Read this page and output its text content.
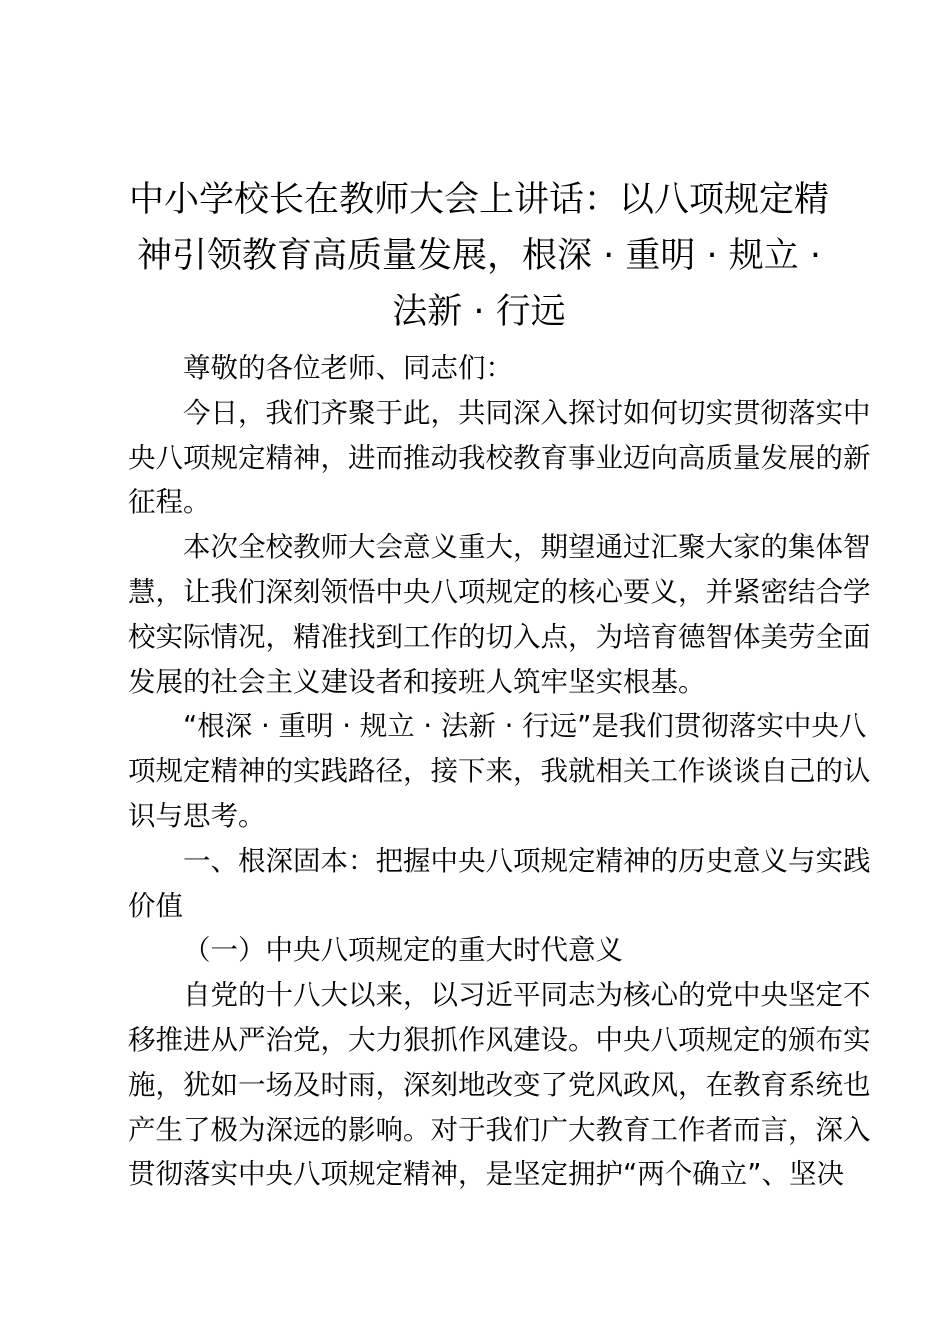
中小学校长在教师大会上讲话：以八项规定精
神引领教育高质量发展，根深 · 重明 · 规立 ·
法新 · 行远
尊敬的各位老师、同志们：
今日，我们齐聚于此，共同深入探讨如何切实贯彻落实中
央八项规定精神，进而推动我校教育事业迈向高质量发展的新
征程。
本次全校教师大会意义重大，期望通过汇聚大家的集体智
慧，让我们深刻领悟中央八项规定的核心要义，并紧密结合学
校实际情况，精准找到工作的切入点，为培育德智体美劳全面
发展的社会主义建设者和接班人筑牢坚实根基。
“根深 · 重明 · 规立 · 法新 · 行远”是我们贯彻落实中央八
项规定精神的实践路径，接下来，我就相关工作谈谈自己的认
识与思考。
一、根深固本：把握中央八项规定精神的历史意义与实践
价值
（一）中央八项规定的重大时代意义
自党的十八大以来，以习近平同志为核心的党中央坚定不
移推进从严治党，大力狠抓作风建设。中央八项规定的颁布实
施，犹如一场及时雨，深刻地改变了党风政风，在教育系统也
产生了极为深远的影响。对于我们广大教育工作者而言，深入
贯彻落实中央八项规定精神，是坚定拥护“两个确立”、坚决
